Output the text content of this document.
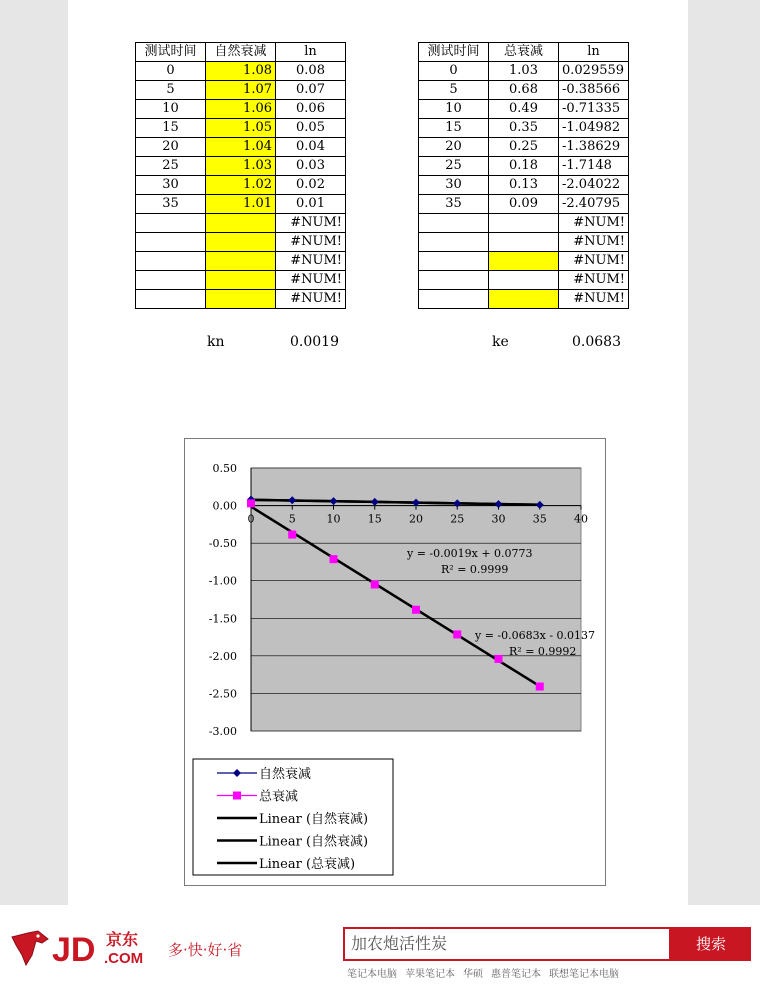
测试时间	自然衰减	ln
0	1.08	0.08
5	1.07	0.07
10	1.06	0.06
15	1.05	0.05
20	1.04	0.04
25	1.03	0.03
30	1.02	0.02
35	1.01	0.01
		#NUM!
		#NUM!
		#NUM!
		#NUM!
		#NUM!
测试时间	总衰减	ln
0	1.03	0.029559
5	0.68	-0.38566
10	0.49	-0.71335
15	0.35	-1.04982
20	0.25	-1.38629
25	0.18	-1.7148
30	0.13	-2.04022
35	0.09	-2.40795
		#NUM!
		#NUM!
		#NUM!
		#NUM!
		#NUM!
kn	0.0019	ke	0.0683
0.50
0.00
-0.50
-1.00
-1.50
-2.00
-2.50
-3.00
0	5	10 15 20 25 30 35 40
y = -0.0019x + 0.0773
R² = 0.9999
y = -0.0683x - 0.0137
R² = 0.9992
自然衰减
总衰减
Linear (自然衰减)
Linear (自然衰减)
Linear (总衰减)
JD 京东
.COM 多·快·好·省	加农炮活性炭	搜索
笔记本电脑 苹果笔记本 华硕 惠普笔记本 联想笔记本电脑
